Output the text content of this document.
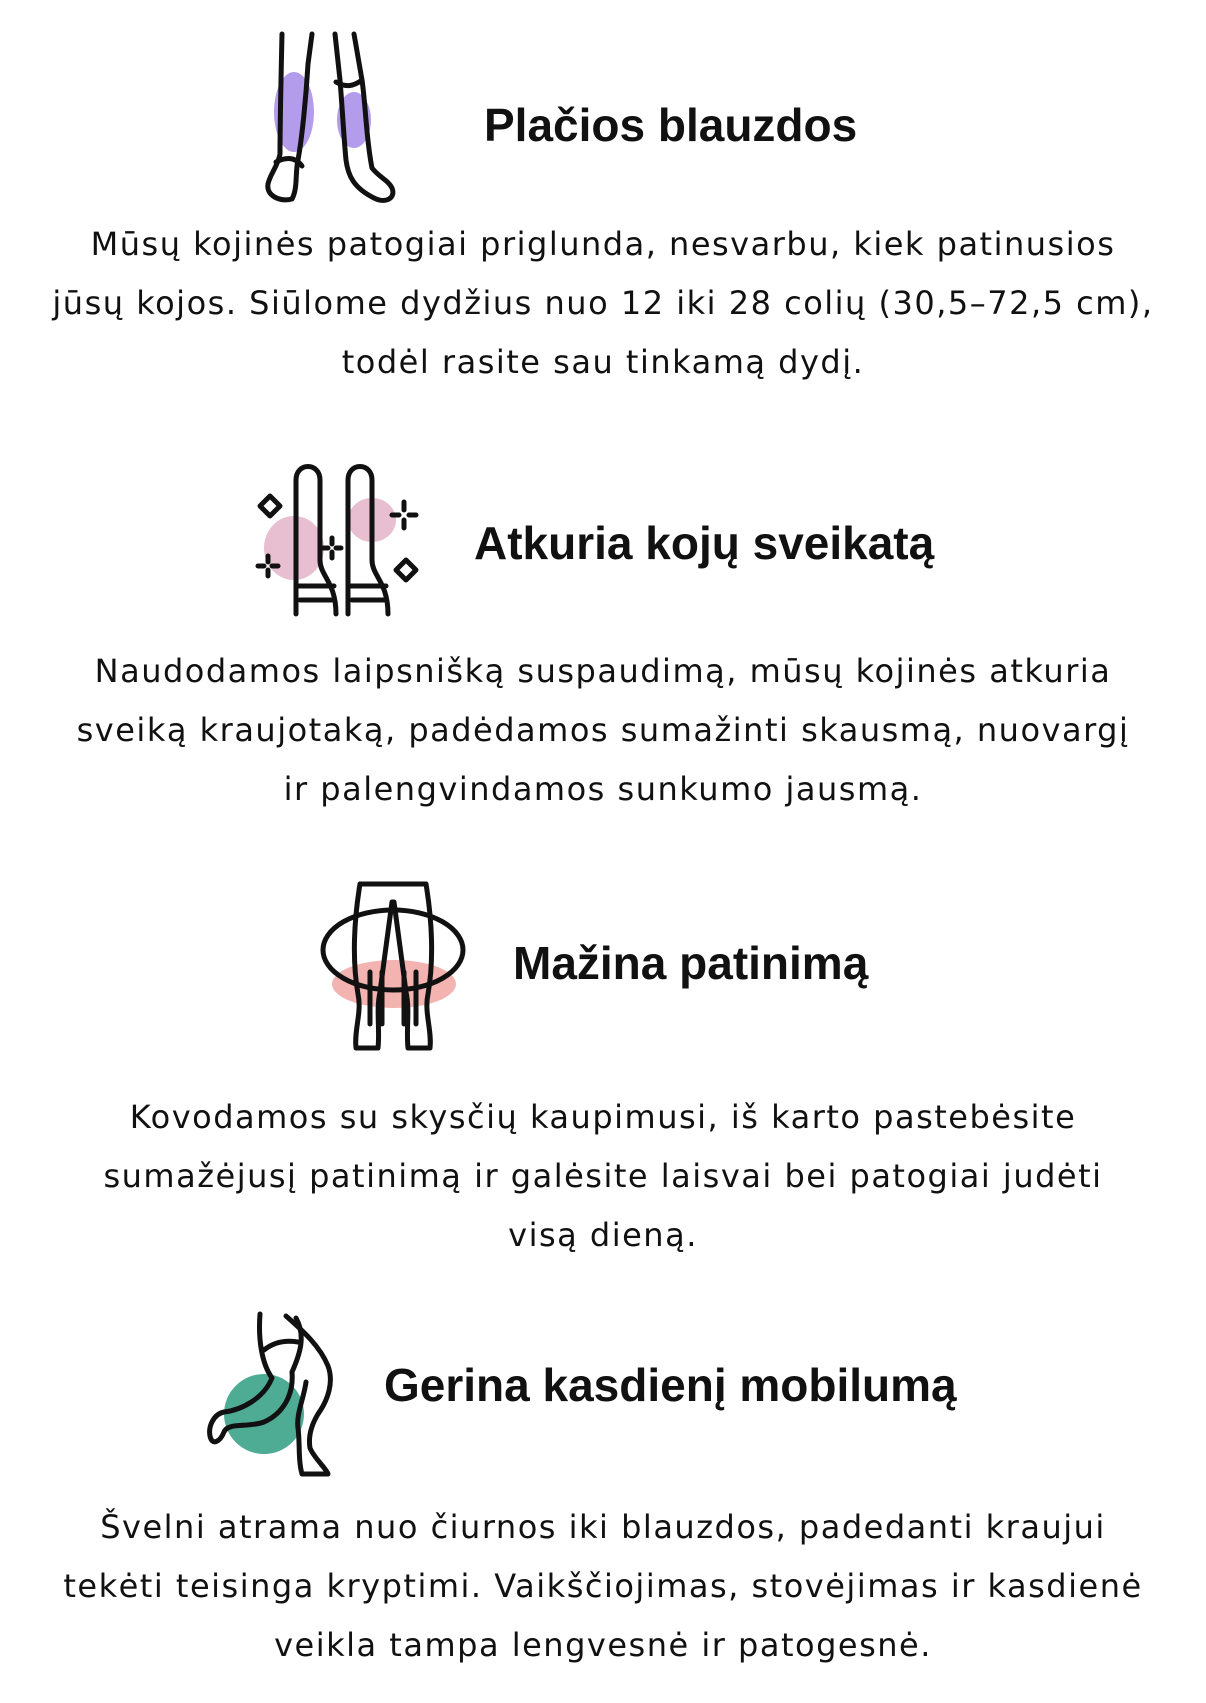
Plačios blauzdos

Mūsų kojinės patogiai priglunda, nesvarbu, kiek patinusios
jūsų kojos. Siūlome dydžius nuo 12 iki 28 colių (30,5–72,5 cm),
todėl rasite sau tinkamą dydį.

Atkuria kojų sveikatą

Naudodamos laipsnišką suspaudimą, mūsų kojinės atkuria
sveiką kraujotaką, padėdamos sumažinti skausmą, nuovargį
ir palengvindamos sunkumo jausmą.

Mažina patinimą

Kovodamos su skysčių kaupimusi, iš karto pastebėsite
sumažėjusį patinimą ir galėsite laisvai bei patogiai judėti
visą dieną.

Gerina kasdienį mobilumą

Švelni atrama nuo čiurnos iki blauzdos, padedanti kraujui
tekėti teisinga kryptimi. Vaikščiojimas, stovėjimas ir kasdienė
veikla tampa lengvesnė ir patogesnė.
